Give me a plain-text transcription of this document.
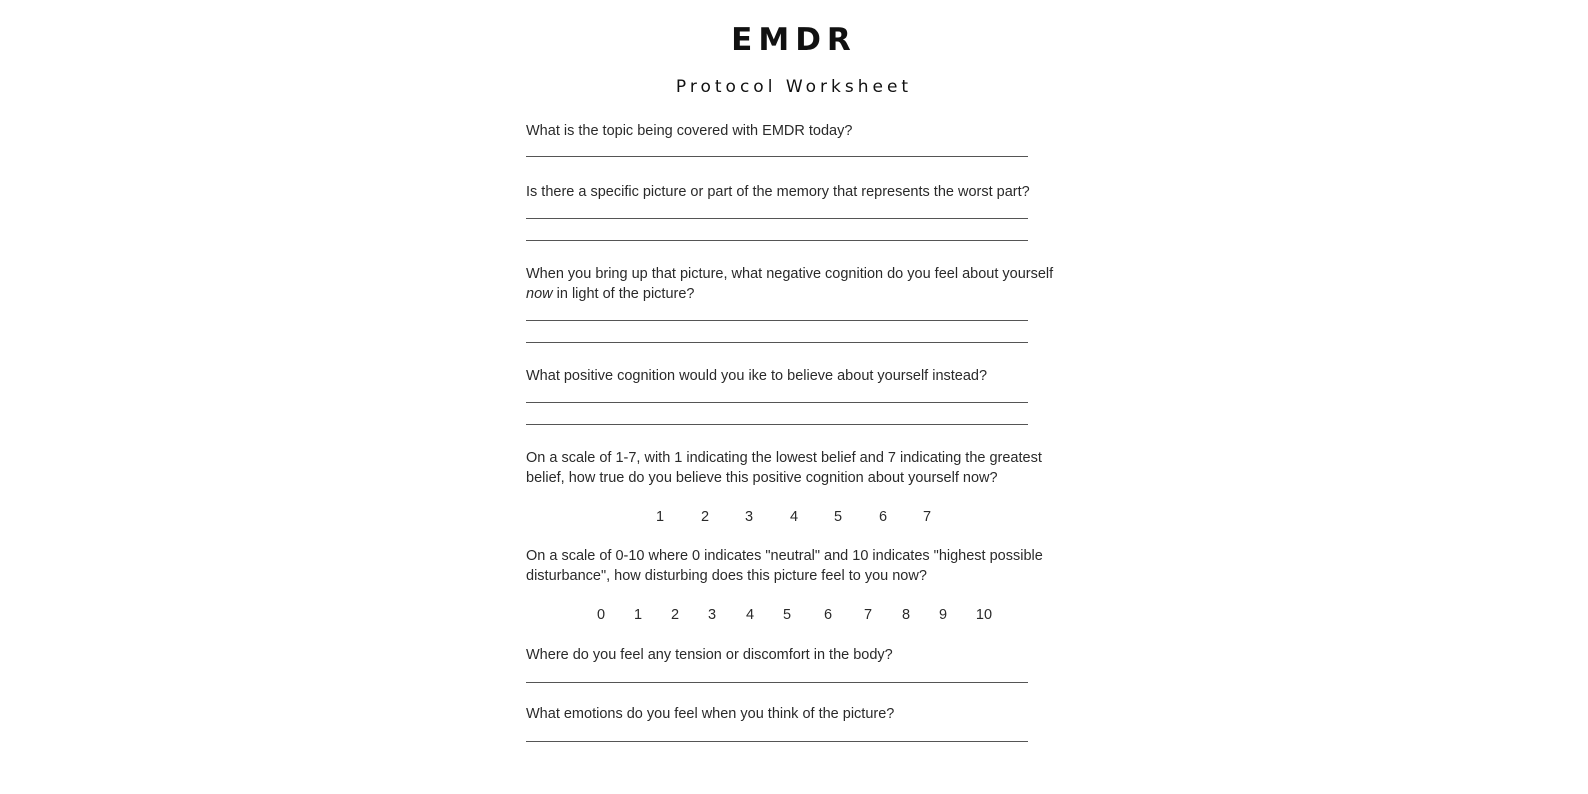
EMDR
Protocol Worksheet

What is the topic being covered with EMDR today?

Is there a specific picture or part of the memory that represents the worst part?

When you bring up that picture, what negative cognition do you feel about yourself
now in light of the picture?

What positive cognition would you ike to believe about yourself instead?

On a scale of 1-7, with 1 indicating the lowest belief and 7 indicating the greatest
belief, how true do you believe this positive cognition about yourself now?

1	2 3	4 5	6 7

On a scale of 0-10 where 0 indicates "neutral" and 10 indicates "highest possible
disturbance", how disturbing does this picture feel to you now?

0 1 2 3 4 5 6 7 8 9 10

Where do you feel any tension or discomfort in the body?

What emotions do you feel when you think of the picture?
